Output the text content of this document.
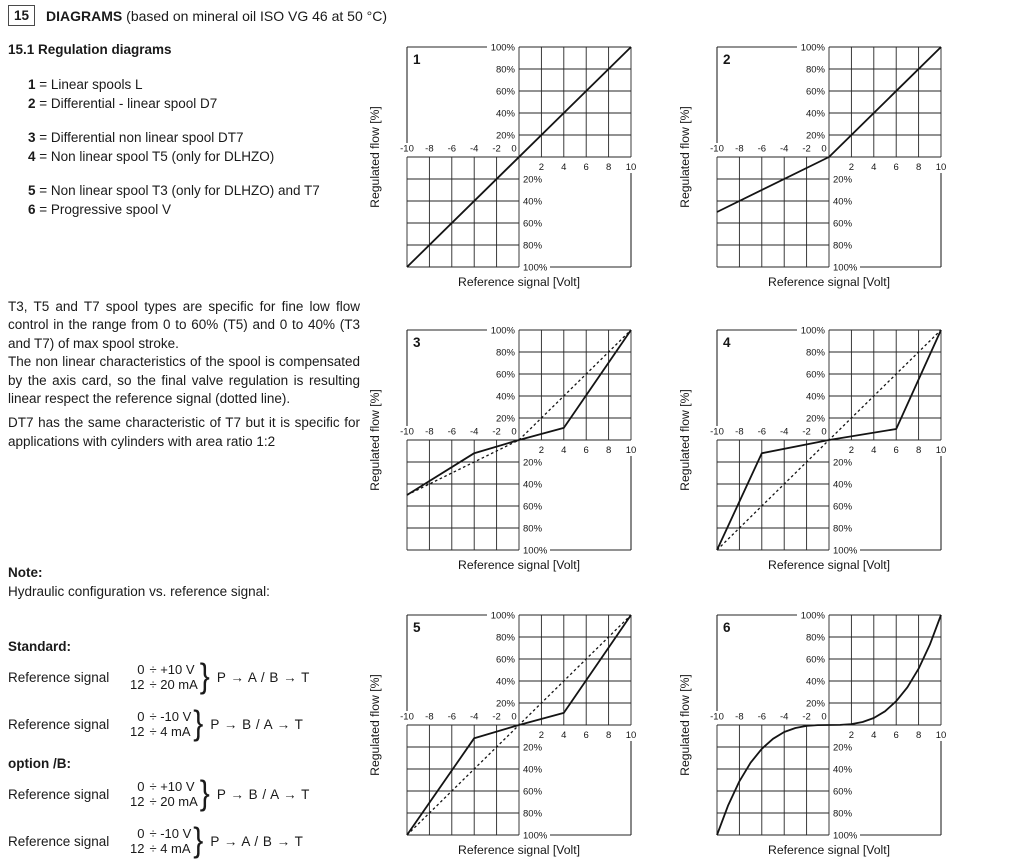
15	DIAGRAMS (based on mineral oil ISO VG 46 at 50 °C)
15.1 Regulation diagrams
1 = Linear spools L
2 = Differential - linear spool D7
3 = Differential non linear spool DT7
4 = Non linear spool T5 (only for DLHZO)
5 = Non linear spool T3 (only for DLHZO) and T7
6 = Progressive spool V

T3, T5 and T7 spool types are specific for fine low flow control in the range from 0 to 60% (T5) and 0 to 40% (T3 and T7) of max spool stroke.

The non linear characteristics of the spool is compensated by the axis card, so the final valve regulation is resulting linear respect the reference signal (dotted line).

DT7 has the same characteristic of T7 but it is specific for applications with cylinders with area ratio 1:2

Note:
Hydraulic configuration vs. reference signal:
Standard:
Reference signal
0 ÷ +10 V
12 ÷ 20 mA } P → A / B → T
Reference signal
0 ÷ -10 V
12 ÷ 4 mA } P → B / A → T
option /B:
Reference signal
0 ÷ +10 V
12 ÷ 20 mA } P → B / A → T
Reference signal
0 ÷ -10 V
12 ÷ 4 mA } P → A / B → T
100%
80%
60%
40%
20%
20%
40%
60%
80%
100%
-10 -8 -6 -4 -2 0
2 4 6 8 10
1
Reference signal [Volt]
Regulated flow [%]
100%
80%
60%
40%
20%
20%
40%
60%
80%
100%
-10 -8 -6 -4 -2 0
2 4 6 8 10
2
Reference signal [Volt]
Regulated flow [%]
100%
80%
60%
40%
20%
20%
40%
60%
80%
100%
-10 -8 -6 -4 -2 0
2 4 6 8 10
3
Reference signal [Volt]
Regulated flow [%]
100%
80%
60%
40%
20%
20%
40%
60%
80%
100%
-10 -8 -6 -4 -2 0
2 4 6 8 10
4
Reference signal [Volt]
Regulated flow [%]
100%
80%
60%
40%
20%
20%
40%
60%
80%
100%
-10 -8 -6 -4 -2 0
2 4 6 8 10
5
Reference signal [Volt]
Regulated flow [%]
100%
80%
60%
40%
20%
20%
40%
60%
80%
100%
-10 -8 -6 -4 -2 0
2 4 6 8 10
6
Reference signal [Volt]
Regulated flow [%]
